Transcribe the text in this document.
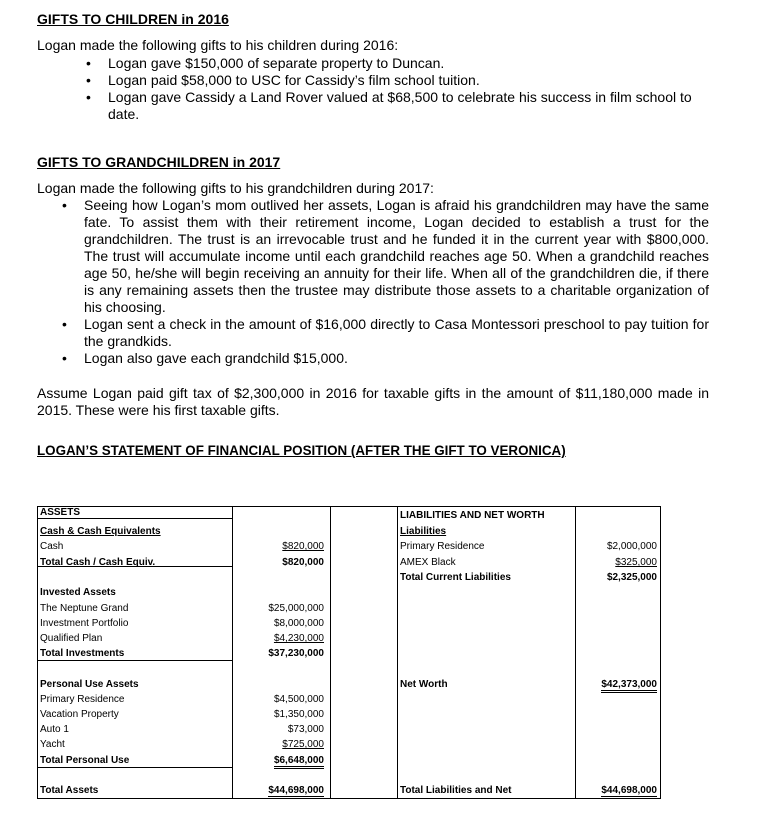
GIFTS TO CHILDREN in 2016
Logan made the following gifts to his children during 2016:
• Logan gave $150,000 of separate property to Duncan.
• Logan paid $58,000 to USC for Cassidy’s film school tuition.
• Logan gave Cassidy a Land Rover valued at $68,500 to celebrate his success in film school to date.
GIFTS TO GRANDCHILDREN in 2017
Logan made the following gifts to his grandchildren during 2017:
• Seeing how Logan’s mom outlived her assets, Logan is afraid his grandchildren may have the same fate. To assist them with their retirement income, Logan decided to establish a trust for the grandchildren. The trust is an irrevocable trust and he funded it in the current year with $800,000. The trust will accumulate income until each grandchild reaches age 50. When a grandchild reaches age 50, he/she will begin receiving an annuity for their life. When all of the grandchildren die, if there is any remaining assets then the trustee may distribute those assets to a charitable organization of his choosing.
• Logan sent a check in the amount of $16,000 directly to Casa Montessori preschool to pay tuition for the grandkids.
• Logan also gave each grandchild $15,000.
Assume Logan paid gift tax of $2,300,000 in 2016 for taxable gifts in the amount of $11,180,000 made in 2015. These were his first taxable gifts.
LOGAN’S STATEMENT OF FINANCIAL POSITION (AFTER THE GIFT TO VERONICA)
ASSETS
Cash & Cash Equivalents
Cash	$820,000
Total Cash / Cash Equiv.	$820,000
Invested Assets
The Neptune Grand	$25,000,000
Investment Portfolio	$8,000,000
Qualified Plan	$4,230,000
Total Investments	$37,230,000
Personal Use Assets
Primary Residence	$4,500,000
Vacation Property	$1,350,000
Auto 1	$73,000
Yacht	$725,000
Total Personal Use	$6,648,000
Total Assets	$44,698,000
LIABILITIES AND NET WORTH
Liabilities
Primary Residence	$2,000,000
AMEX Black	$325,000
Total Current Liabilities	$2,325,000
Net Worth	$42,373,000
Total Liabilities and Net	$44,698,000
